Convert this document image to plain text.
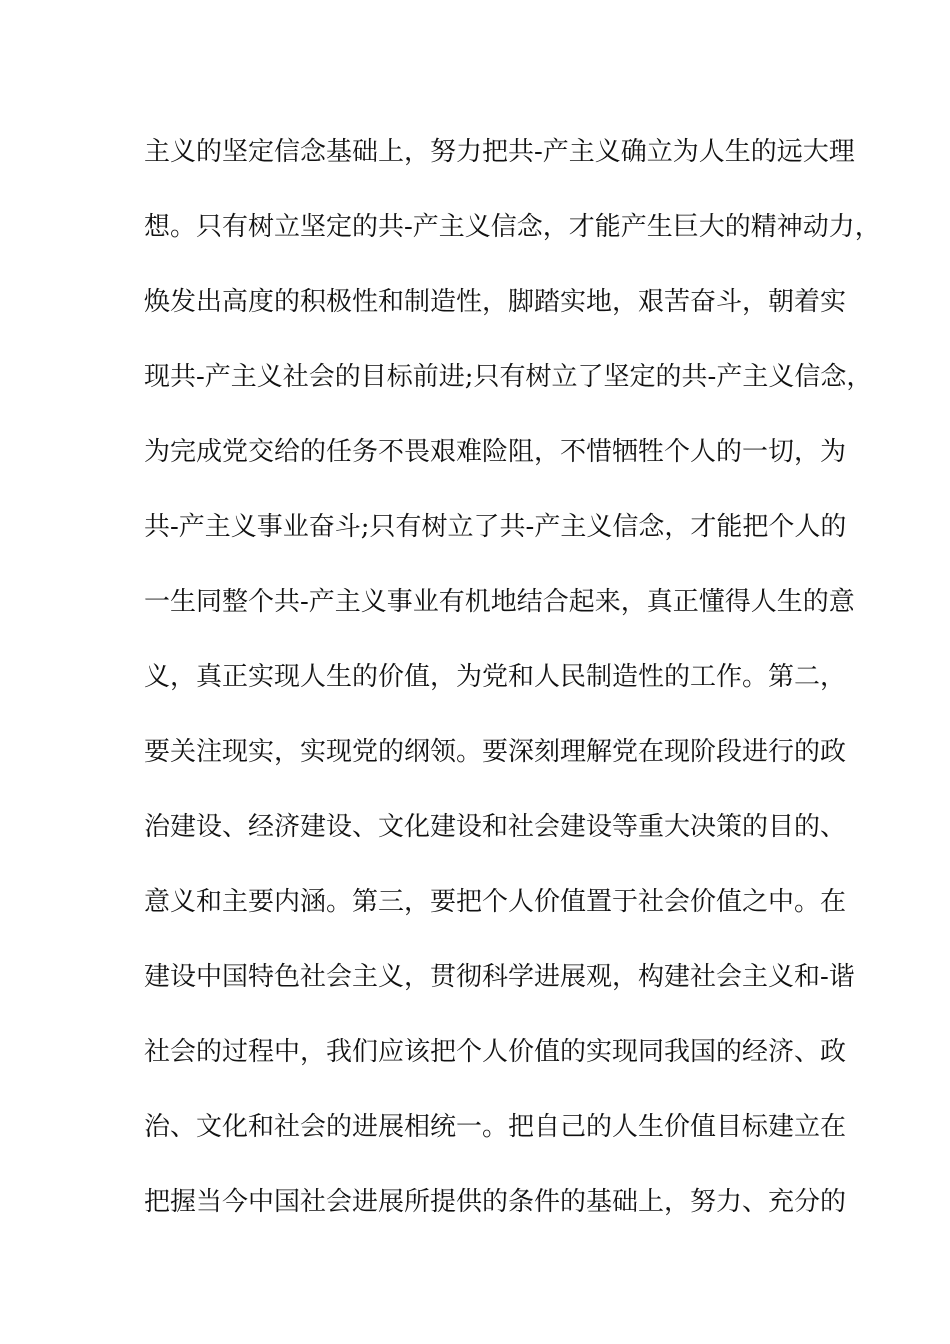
主义的坚定信念基础上，努力把共-产主义确立为人生的远大理
想。只有树立坚定的共-产主义信念，才能产生巨大的精神动力，
焕发出高度的积极性和制造性，脚踏实地，艰苦奋斗，朝着实
现共-产主义社会的目标前进;只有树立了坚定的共-产主义信念，
为完成党交给的任务不畏艰难险阻，不惜牺牲个人的一切，为
共-产主义事业奋斗;只有树立了共-产主义信念，才能把个人的
一生同整个共-产主义事业有机地结合起来，真正懂得人生的意
义，真正实现人生的价值，为党和人民制造性的工作。第二，
要关注现实，实现党的纲领。要深刻理解党在现阶段进行的政
治建设、经济建设、文化建设和社会建设等重大决策的目的、
意义和主要内涵。第三，要把个人价值置于社会价值之中。在
建设中国特色社会主义，贯彻科学进展观，构建社会主义和-谐
社会的过程中，我们应该把个人价值的实现同我国的经济、政
治、文化和社会的进展相统一。把自己的人生价值目标建立在
把握当今中国社会进展所提供的条件的基础上，努力、充分的
